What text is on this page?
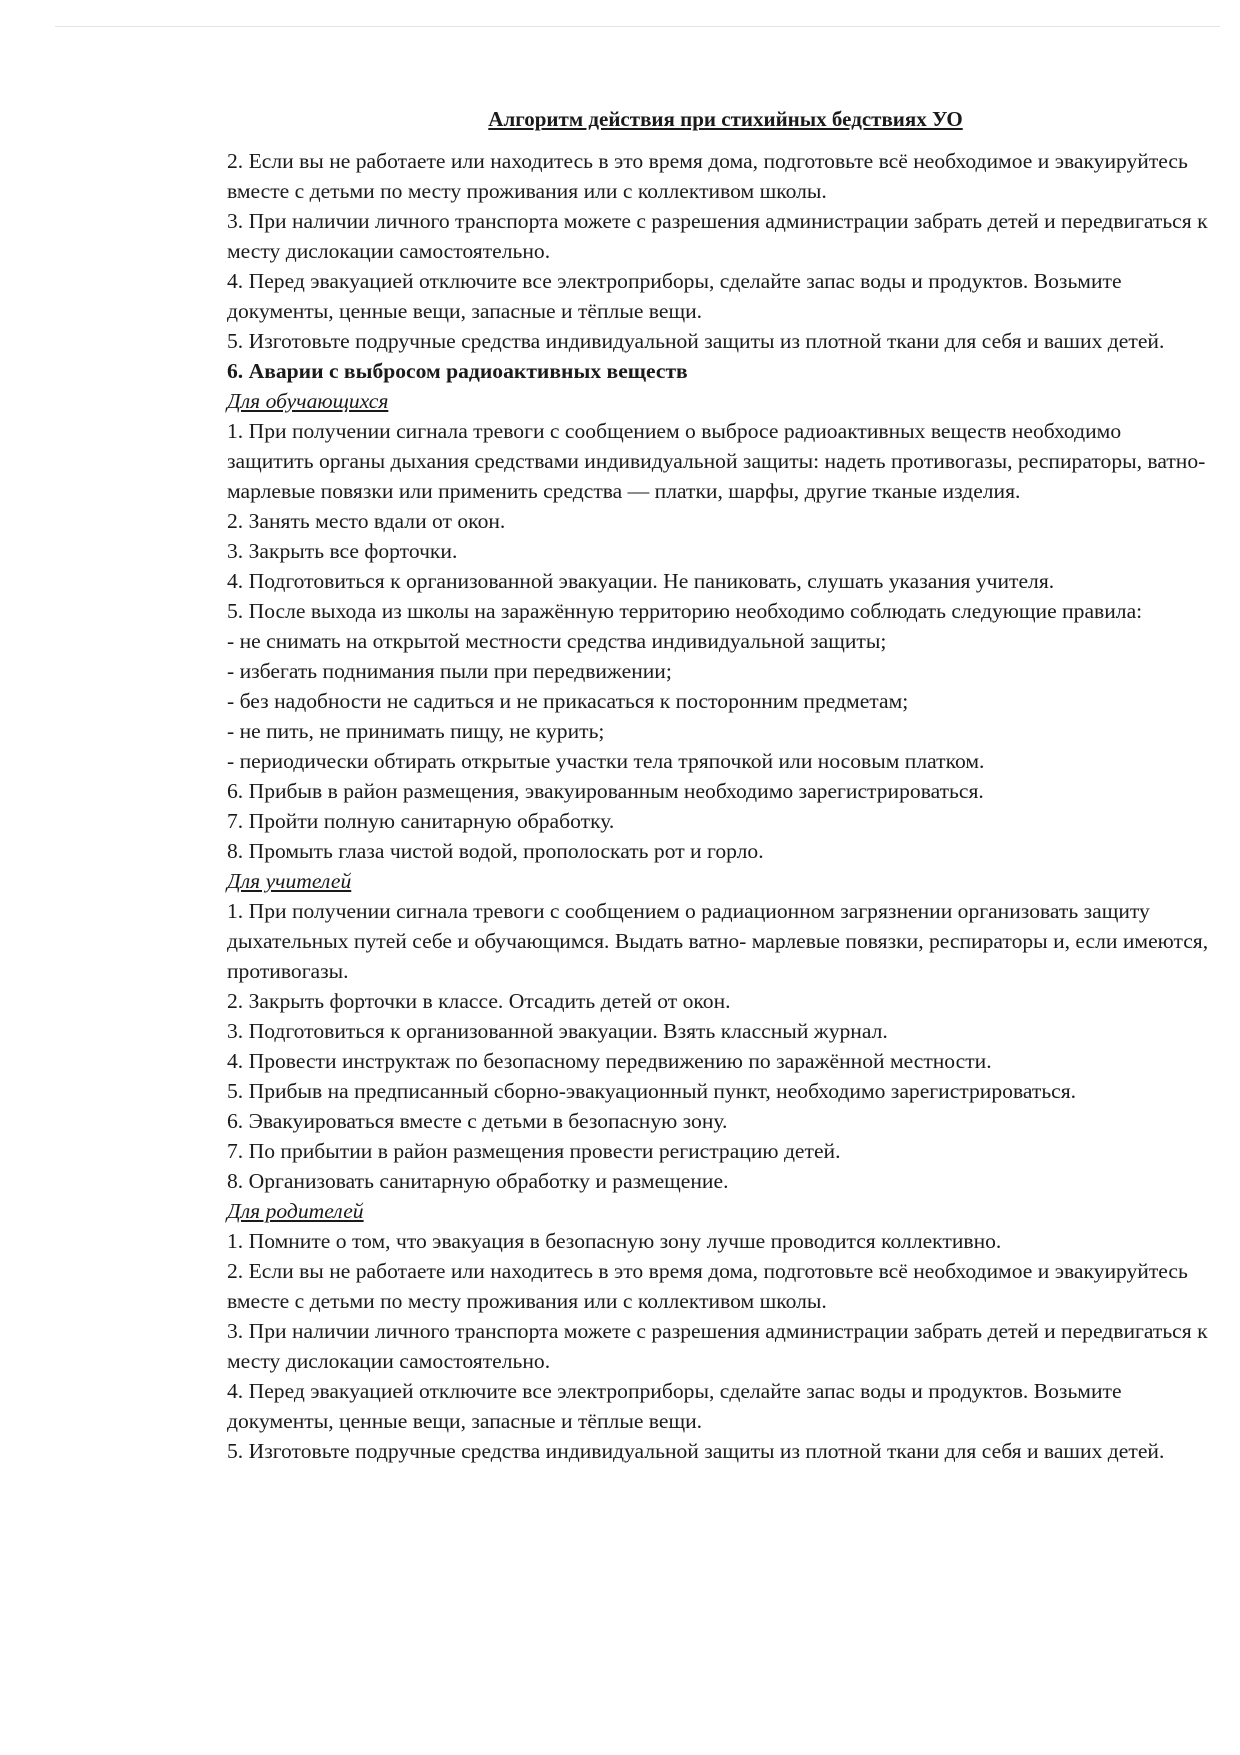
Алгоритм действия при стихийных бедствиях УО
2. Если вы не работаете или находитесь в это время дома, подготовьте всё необходимое и эвакуируйтесь вместе с детьми по месту проживания или с коллективом школы.
3. При наличии личного транспорта можете с разрешения администрации забрать детей и передвигаться к месту дислокации самостоятельно.
4. Перед эвакуацией отключите все электроприборы, сделайте запас воды и продуктов. Возьмите документы, ценные вещи, запасные и тёплые вещи.
5. Изготовьте подручные средства индивидуальной защиты из плотной ткани для себя и ваших детей.
6. Аварии с выбросом радиоактивных веществ
Для обучающихся
1. При получении сигнала тревоги с сообщением о выбросе радиоактивных веществ необходимо защитить органы дыхания средствами индивидуальной защиты: надеть противогазы, респираторы, ватно-марлевые повязки или применить средства — платки, шарфы, другие тканые изделия.
2. Занять место вдали от окон.
3. Закрыть все форточки.
4. Подготовиться к организованной эвакуации. Не паниковать, слушать указания учителя.
5. После выхода из школы на заражённую территорию необходимо соблюдать следующие правила:
- не снимать на открытой местности средства индивидуальной защиты;
- избегать поднимания пыли при передвижении;
- без надобности не садиться и не прикасаться к посторонним предметам;
- не пить, не принимать пищу, не курить;
- периодически обтирать открытые участки тела тряпочкой или носовым платком.
6. Прибыв в район размещения, эвакуированным необходимо зарегистрироваться.
7. Пройти полную санитарную обработку.
8. Промыть глаза чистой водой, прополоскать рот и горло.
Для учителей
1. При получении сигнала тревоги с сообщением о радиационном загрязнении организовать защиту дыхательных путей себе и обучающимся. Выдать ватно- марлевые повязки, респираторы и, если имеются, противогазы.
2. Закрыть форточки в классе. Отсадить детей от окон.
3. Подготовиться к организованной эвакуации. Взять классный журнал.
4. Провести инструктаж по безопасному передвижению по заражённой местности.
5. Прибыв на предписанный сборно-эвакуационный пункт, необходимо зарегистрироваться.
6. Эвакуироваться вместе с детьми в безопасную зону.
7. По прибытии в район размещения провести регистрацию детей.
8. Организовать санитарную обработку и размещение.
Для родителей
1. Помните о том, что эвакуация в безопасную зону лучше проводится коллективно.
2. Если вы не работаете или находитесь в это время дома, подготовьте всё необходимое и эвакуируйтесь вместе с детьми по месту проживания или с коллективом школы.
3. При наличии личного транспорта можете с разрешения администрации забрать детей и передвигаться к месту дислокации самостоятельно.
4. Перед эвакуацией отключите все электроприборы, сделайте запас воды и продуктов. Возьмите документы, ценные вещи, запасные и тёплые вещи.
5. Изготовьте подручные средства индивидуальной защиты из плотной ткани для себя и ваших детей.
